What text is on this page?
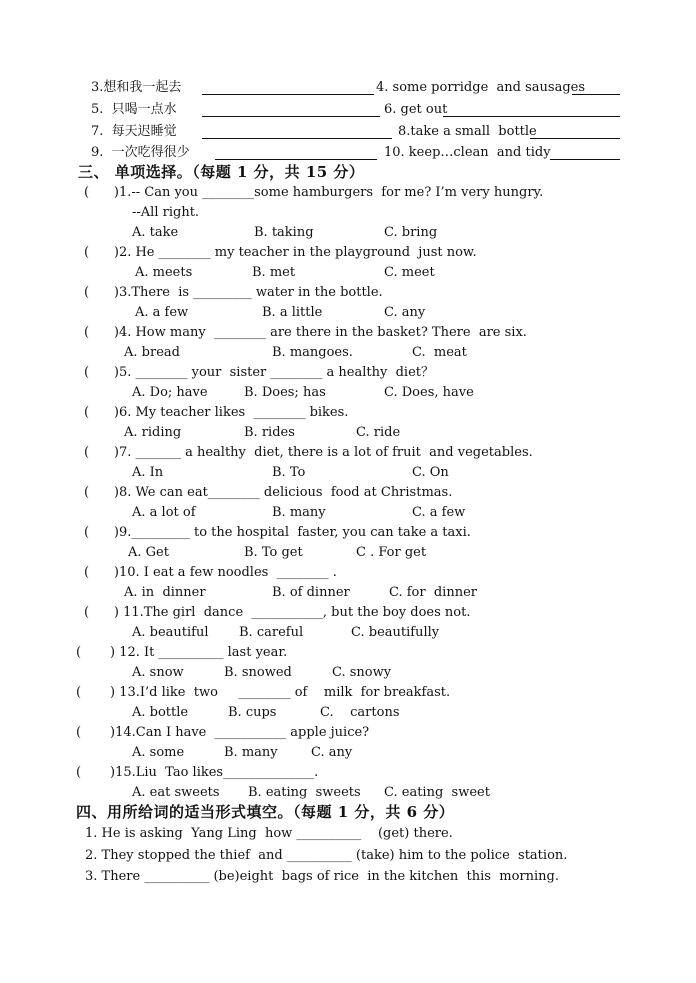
3.想和我一起去	4. some porridge  and sausages
5.  只喝一点水	6. get out
7.  每天迟睡觉	8.take a small  bottle
9.  一次吃得很少	10. keep…clean  and tidy
三、 单项选择。（每题 1 分，共 15 分）
(      )1.-- Can you ________some hamburgers  for me? I’m very hungry.
--All right.
A. take	B. taking	C. bring
(      )2. He ________ my teacher in the playground  just now.
A. meets	B. met	C. meet
(      )3.There  is _________ water in the bottle.
A. a few	B. a little	C. any
(      )4. How many  ________ are there in the basket? There  are six.
A. bread	B. mangoes.	C.  meat
(      )5. ________ your  sister ________ a healthy  diet？
A. Do; have	B. Does; has	C. Does, have
(      )6. My teacher likes  ________ bikes.
A. riding	B. rides	C. ride
(      )7. _______ a healthy  diet, there is a lot of fruit  and vegetables.
A. In	B. To	C. On
(      )8. We can eat________ delicious  food at Christmas.
A. a lot of	B. many	C. a few
(      )9._________ to the hospital  faster, you can take a taxi.
A. Get	B. To get	C . For get
(      )10. I eat a few noodles  ________ .
A. in  dinner	B. of dinner	C. for  dinner
(      ) 11.The girl  dance  ___________, but the boy does not.
A. beautiful B. careful	C. beautifully
(       ) 12. It __________ last year.
A. snow	B. snowed	C. snowy
(       ) 13.I’d like  two     ________ of    milk  for breakfast.
A. bottle	B. cups	C.    cartons
(       )14.Can I have  ___________ apple juice?
A. some	B. many	C. any
(       )15.Liu  Tao likes______________.
A. eat sweets B. eating  sweets C. eating  sweet
四、用所给词的适当形式填空。（每题 1 分，共 6 分）
1. He is asking  Yang Ling  how __________    (get) there.
2. They stopped the thief  and __________ (take) him to the police  station.
3. There __________ (be)eight  bags of rice  in the kitchen  this  morning.
